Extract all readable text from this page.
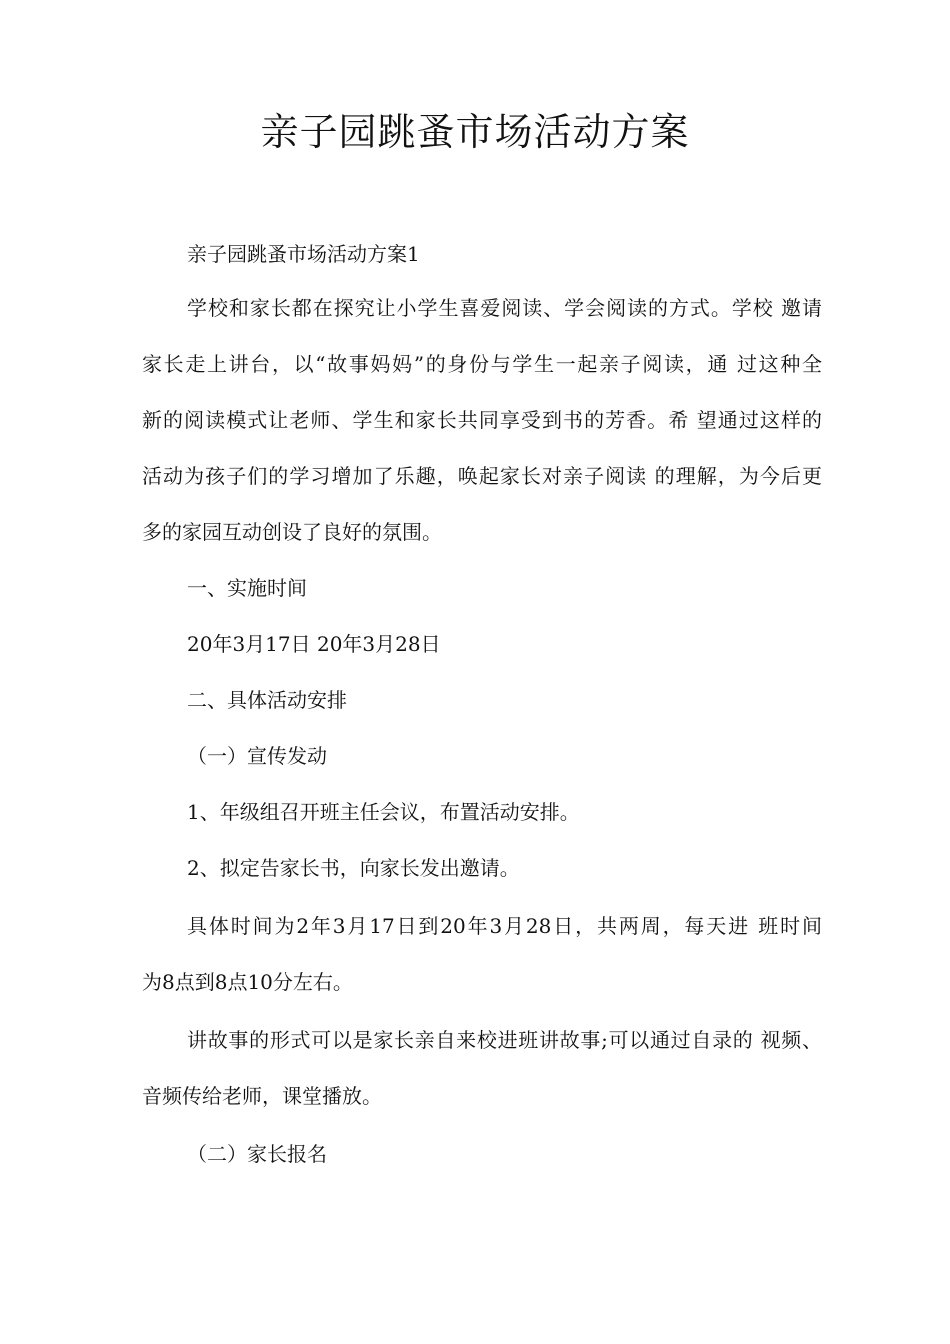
亲子园跳蚤市场活动方案
亲子园跳蚤市场活动方案1
学校和家长都在探究让小学生喜爱阅读、学会阅读的方式。学校 邀请
家长走上讲台，以“故事妈妈”的身份与学生一起亲子阅读，通 过这种全
新的阅读模式让老师、学生和家长共同享受到书的芳香。希 望通过这样的
活动为孩子们的学习增加了乐趣，唤起家长对亲子阅读 的理解，为今后更
多的家园互动创设了良好的氛围。
一、实施时间
20年3月17日 20年3月28日
二、具体活动安排
（一）宣传发动
1、年级组召开班主任会议，布置活动安排。
2、拟定告家长书，向家长发出邀请。
具体时间为2年3月17日到20年3月28日，共两周，每天进 班时间
为8点到8点10分左右。
讲故事的形式可以是家长亲自来校进班讲故事;可以通过自录的 视频、
音频传给老师，课堂播放。
（二）家长报名
